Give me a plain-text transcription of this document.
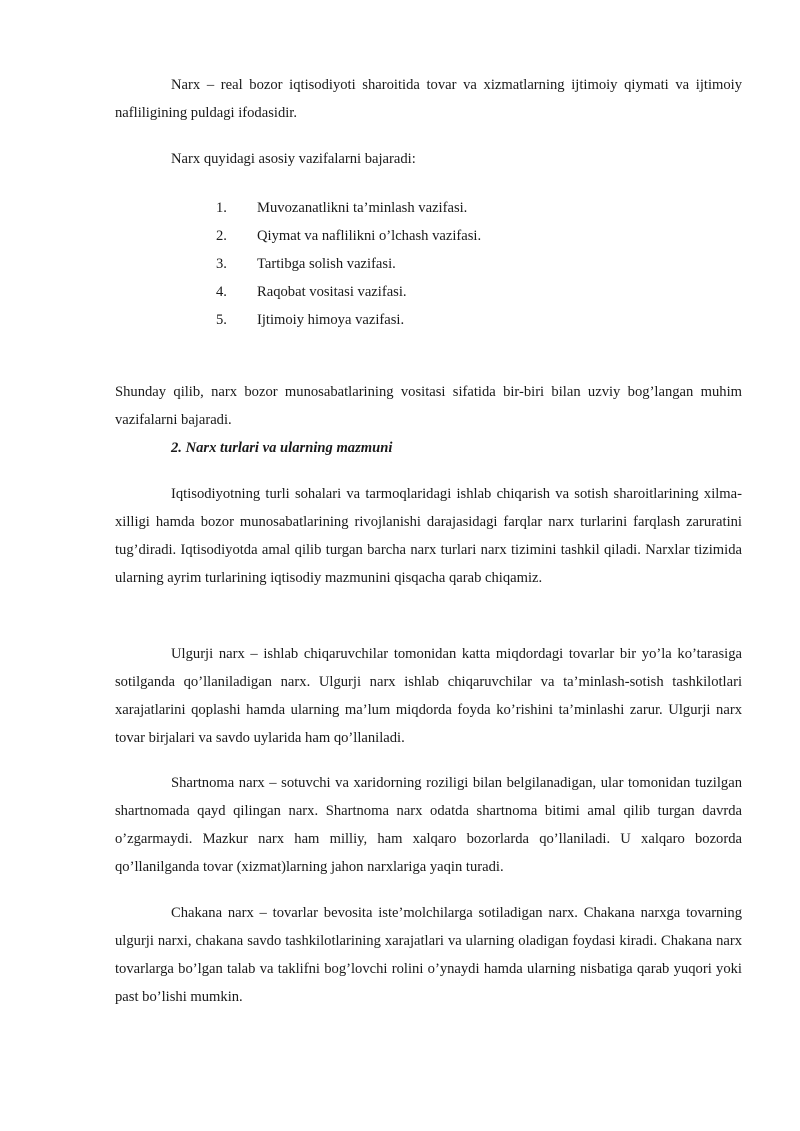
Narx – real bozor iqtisodiyoti sharoitida tovar va xizmatlarning ijtimoiy qiymati va ijtimoiy nafliligining puldagi ifodasidir.

Narx quyidagi asosiy vazifalarni bajaradi:

1.	Muvozanatlikni ta’minlash vazifasi.
2.	Qiymat va naflilikni o’lchash vazifasi.
3.	Tartibga solish vazifasi.
4.	Raqobat vositasi vazifasi.
5.	Ijtimoiy himoya vazifasi.

Shunday qilib, narx bozor munosabatlarining vositasi sifatida bir-biri bilan uzviy bog’langan muhim vazifalarni bajaradi.

2. Narx turlari va ularning mazmuni

Iqtisodiyotning turli sohalari va tarmoqlaridagi ishlab chiqarish va sotish sharoitlarining xilma-xilligi hamda bozor munosabatlarining rivojlanishi darajasidagi farqlar narx turlarini farqlash zaruratini tug’diradi. Iqtisodiyotda amal qilib turgan barcha narx turlari narx tizimini tashkil qiladi. Narxlar tizimida ularning ayrim turlarining iqtisodiy mazmunini qisqacha qarab chiqamiz.

Ulgurji narx – ishlab chiqaruvchilar tomonidan katta miqdordagi tovarlar bir yo’la ko’tarasiga sotilganda qo’llaniladigan narx. Ulgurji narx ishlab chiqaruvchilar va ta’minlash-sotish tashkilotlari xarajatlarini qoplashi hamda ularning ma’lum miqdorda foyda ko’rishini ta’minlashi zarur. Ulgurji narx tovar birjalari va savdo uylarida ham qo’llaniladi.

Shartnoma narx – sotuvchi va xaridorning roziligi bilan belgilanadigan, ular tomonidan tuzilgan shartnomada qayd qilingan narx. Shartnoma narx odatda shartnoma bitimi amal qilib turgan davrda o’zgarmaydi. Mazkur narx ham milliy, ham xalqaro bozorlarda qo’llaniladi. U xalqaro bozorda qo’llanilganda tovar (xizmat)larning jahon narxlariga yaqin turadi.

Chakana narx – tovarlar bevosita iste’molchilarga sotiladigan narx. Chakana narxga tovarning ulgurji narxi, chakana savdo tashkilotlarining xarajatlari va ularning oladigan foydasi kiradi. Chakana narx tovarlarga bo’lgan talab va taklifni bog’lovchi rolini o’ynaydi hamda ularning nisbatiga qarab yuqori yoki past bo’lishi mumkin.
